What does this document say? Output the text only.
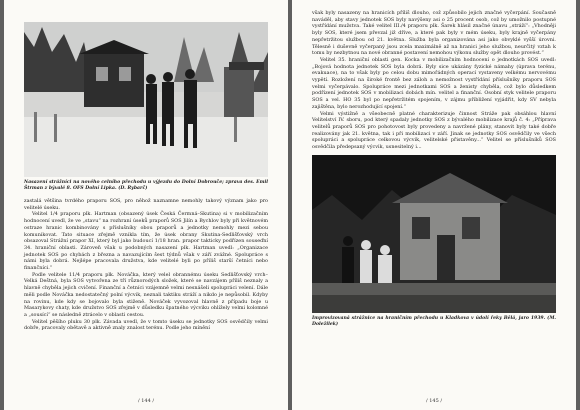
Nasazení strážníci na nového celního přechodu u výjezdu do Dolní Dobrouče; zprava des. Emil Štrman z bývalé 8. OFS Dolní Lipka. (D. Rybarč)

zastalá většina tvrdého praporu SOS, pro něhož naznamne nemohly takový význam jako pro velitelé úseku.

Velitel 1/4 praporu plk. Hartman (obsazený úsek Česká Čermná–Skutina) si v mobilizačním hodnocení uvedl, že ve „stavu“ na rozhraní úseků praporů SOS Jilín a Bychlov byly při květnovém ostraze hranic kombinovány s příslušníky obou praporů a jednotky nemohly mezi sebou komunikovat. Tato situace zřejmě vznikla tím, že úsek obrany Skutina-Sedlišťovský vrch obsazoval Strážní prapor XI, který byl jako budoucí 1/18 hran. prapor takticky podřízen souseďní 34. hraniční oblasti. Zároveň však u podobných nasazení plk. Hartman uvedl: „Organizace jednotek SOS po chybách z března a navazujícím šest týdnů však v září zvážné. Spolupráce s námi byla dobrá. Nejlépe pracovala družstva, kde velitelé byli po příliš starší četníci nebo finančníci.“

Podle velitele 11/4 praporu plk. Nováčka, který velel obrannému úseku Sedlišťovský vrch–Velká Deštná, byla SOS vytvořena ze tří různorodých složek, které se navzájem příliš neznaly a hlavně chyběla jejich cvičení. Finanční a četníci vzájemně velmi nesnášeli spolupráci velení. Dále měli podle Nováčka nedostatečný polní výcvik, neznali taktiku stráží a nikdo je nepůsobil. Kdyby na rovinu, kde kdy se bojovalo byla stiženě. Nováček vyvozoval hlavně z případu boje u Masarykovy chaty, kde družstvo SOS zřejmě v důsledku špatného výcviku ohlížely velmi kolomné a „sousící“ se následně ztrácelo v oblasti cestou.

Velitel pěšího pluku 30 plk. Závada uvedl, že v tomto úseku se jednotky SOS osvědčily velmi dobře, pracovaly obětavě a aktivně znaly znalost terénu. Podle jeho mínění

/ 144 /

však byly nasazeny na hranicích příliš dlouho, což způsobilo jejich značné vyčerpání. Současně naváděl, aby stavy jednotek SOS byly navýšeny asi o 25 procent osob, což by umožnilo postupné vystřídání mužstva. Také velitel III./4 praporu plk. Šarek hlásil značné únavu „stráží“: „Vhodněji byly SOS, které jsem převzal již dříve, a které pak byly v mém úseku, byly krajně vyčerpány nepřetržitou službou od 21. května. Služba byla organizována asi jako obvyklé vyšší úrovni. Tělesně i duševně vyčerpaný jsou zcela maximálně až na hranici jeho službou, neurčitý vztah k tomu by nezbytnou na nové obranné postavení nemohou výkonu služby opět dlouho provést.“

Velitel 35. hraniční oblasti gen. Kocka v mobilizačním hodnocení o jednotkách SOS uvedl: „Bojová hodnota jednotek SOS byla dobrá. Byly sice ukázány fyzické námahy (úprava terénu, evakuace), na to však byly po celou dobu mimořádných operací vystaveny velkému nervovému vypětí. Rozložení na široké frontě bez záloh a nemožnost vystřídání příslušníky praporu SOS velmi vyčerpávalo. Spolupráce mezi jednotkami SOS a ženisty chyběla, což bylo důsledkem podřízení jednotek SOS v mobilizaci dobách mín. velitel a finanční. Osobní styk velitele praporu SOS a vel. HO 35 byl po nepřetržitém spojením, v zájmu příbližení vyjádřit, kdy SV nebyla zajištěna, bylo nerozhodující spojení.“

Velmi výstižně a všeobecně platné charakterizuje činnost Stráže pak obsáhlou hlavní Velitelství IV. sboru, pod který spadaly jednotky SOS z bývalého mobilizace krajů č. 4: „Příprava velitelů praporů SOS pro pohotovost byly provedeny a navržené plány, stanovit byly také dobře realizovány jak 21. května, tak i při mobilizaci v září. Jinak se jednotky SOS osvědčily ve všech spolupráci a spolupráce celkovou výcvik, velitelské přistavěny...“ Velitel se příslušníků SOS osvědčila předepsaný výcvik, usnesitelný i...

Improvizovaná strážnice na hraničním přechodu u Kladkova v údolí řeky Bělá, jaro 1939. (M. Doležilek)
/ 145 /
